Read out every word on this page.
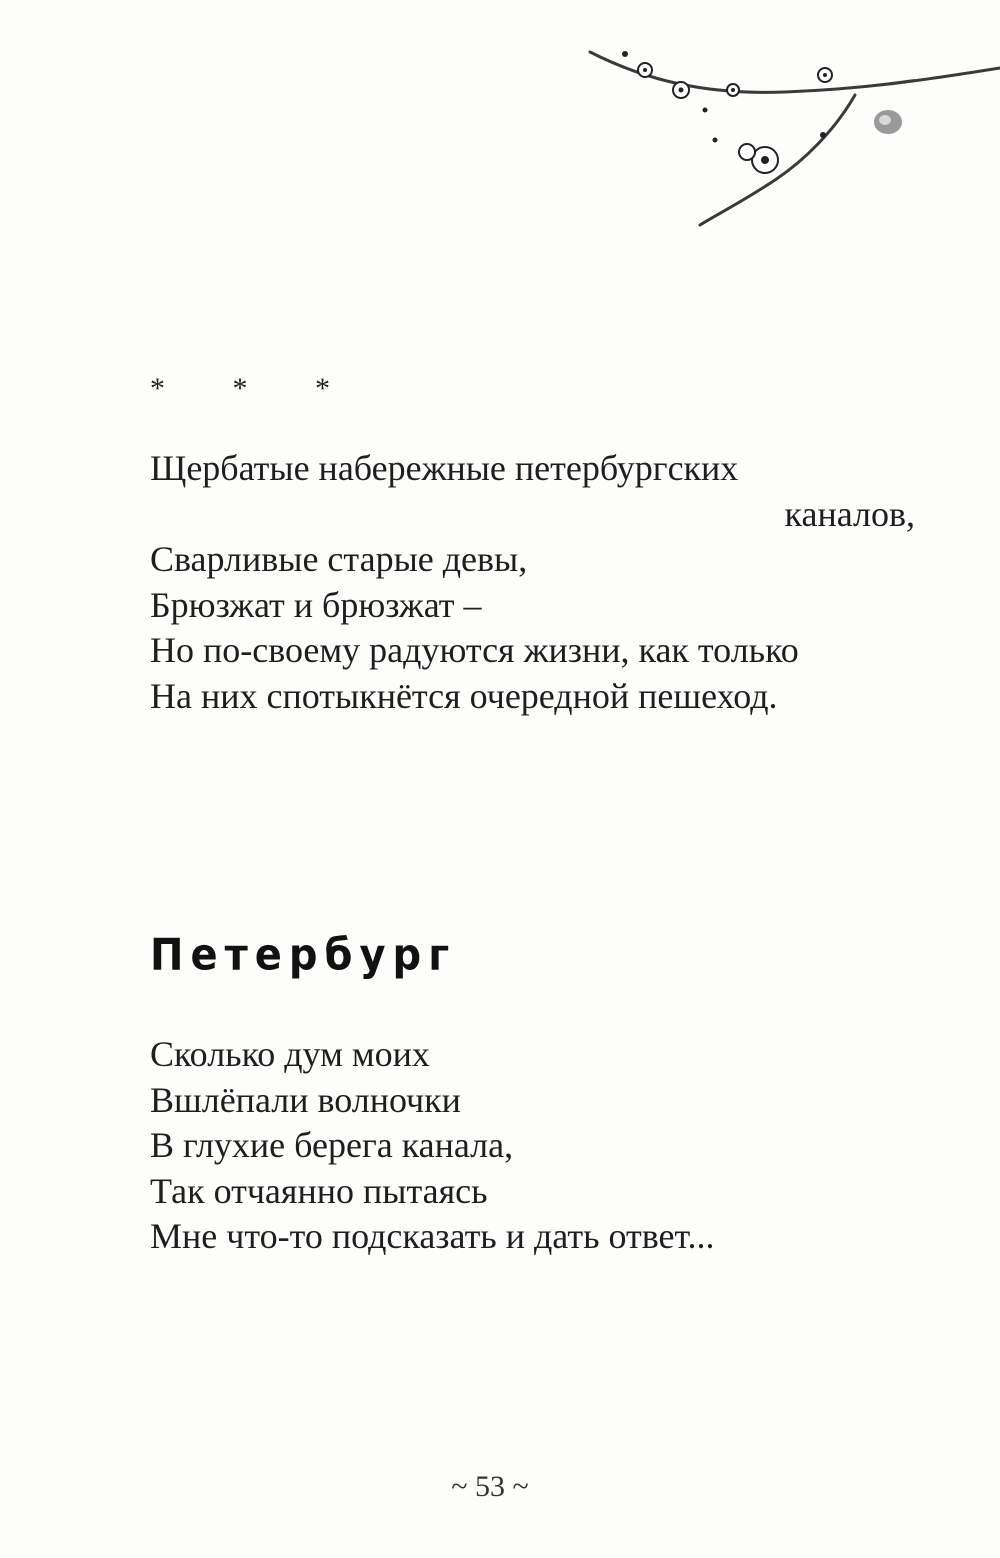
* * *
Щербатые набережные петербургских
каналов,
Сварливые старые девы,
Брюзжат и брюзжат –
Но по-своему радуются жизни, как только
На них спотыкнётся очередной пешеход.
Петербург
Сколько дум моих
Вшлёпали волночки
В глухие берега канала,
Так отчаянно пытаясь
Мне что-то подсказать и дать ответ...
~ 53 ~
